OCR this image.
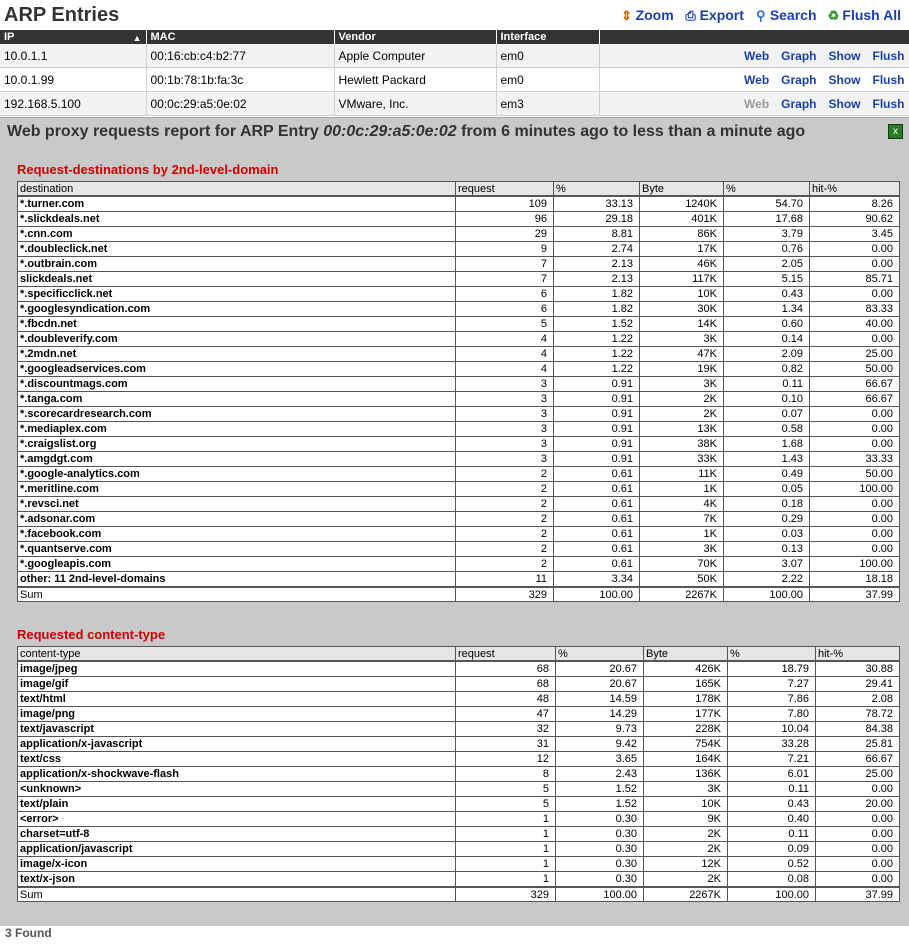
ARP Entries	⇕ Zoom ⎙ Export ⚲ Search ♻ Flush All
IP ▲	MAC	Vendor	Interface	
10.0.1.1	00:16:cb:c4:b2:77	Apple Computer	em0	Web Graph Show Flush
10.0.1.99	00:1b:78:1b:fa:3c	Hewlett Packard	em0	Web Graph Show Flush
192.168.5.100	00:0c:29:a5:0e:02	VMware, Inc.	em3	Web Graph Show Flush
Web proxy requests report for ARP Entry 00:0c:29:a5:0e:02 from 6 minutes ago to less than a minute ago	x
Request-destinations by 2nd-level-domain
destination	request	%	Byte	%	hit-%
*.turner.com	109	33.13	1240K	54.70	8.26
*.slickdeals.net	96	29.18	401K	17.68	90.62
*.cnn.com	29	8.81	86K	3.79	3.45
*.doubleclick.net	9	2.74	17K	0.76	0.00
*.outbrain.com	7	2.13	46K	2.05	0.00
slickdeals.net	7	2.13	117K	5.15	85.71
*.specificclick.net	6	1.82	10K	0.43	0.00
*.googlesyndication.com	6	1.82	30K	1.34	83.33
*.fbcdn.net	5	1.52	14K	0.60	40.00
*.doubleverify.com	4	1.22	3K	0.14	0.00
*.2mdn.net	4	1.22	47K	2.09	25.00
*.googleadservices.com	4	1.22	19K	0.82	50.00
*.discountmags.com	3	0.91	3K	0.11	66.67
*.tanga.com	3	0.91	2K	0.10	66.67
*.scorecardresearch.com	3	0.91	2K	0.07	0.00
*.mediaplex.com	3	0.91	13K	0.58	0.00
*.craigslist.org	3	0.91	38K	1.68	0.00
*.amgdgt.com	3	0.91	33K	1.43	33.33
*.google-analytics.com	2	0.61	11K	0.49	50.00
*.meritline.com	2	0.61	1K	0.05	100.00
*.revsci.net	2	0.61	4K	0.18	0.00
*.adsonar.com	2	0.61	7K	0.29	0.00
*.facebook.com	2	0.61	1K	0.03	0.00
*.quantserve.com	2	0.61	3K	0.13	0.00
*.googleapis.com	2	0.61	70K	3.07	100.00
other: 11 2nd-level-domains	11	3.34	50K	2.22	18.18
Sum	329	100.00	2267K	100.00	37.99
Requested content-type
content-type	request	%	Byte	%	hit-%
image/jpeg	68	20.67	426K	18.79	30.88
image/gif	68	20.67	165K	7.27	29.41
text/html	48	14.59	178K	7.86	2.08
image/png	47	14.29	177K	7.80	78.72
text/javascript	32	9.73	228K	10.04	84.38
application/x-javascript	31	9.42	754K	33.28	25.81
text/css	12	3.65	164K	7.21	66.67
application/x-shockwave-flash	8	2.43	136K	6.01	25.00
<unknown>	5	1.52	3K	0.11	0.00
text/plain	5	1.52	10K	0.43	20.00
<error>	1	0.30	9K	0.40	0.00
charset=utf-8	1	0.30	2K	0.11	0.00
application/javascript	1	0.30	2K	0.09	0.00
image/x-icon	1	0.30	12K	0.52	0.00
text/x-json	1	0.30	2K	0.08	0.00
Sum	329	100.00	2267K	100.00	37.99
3 Found
